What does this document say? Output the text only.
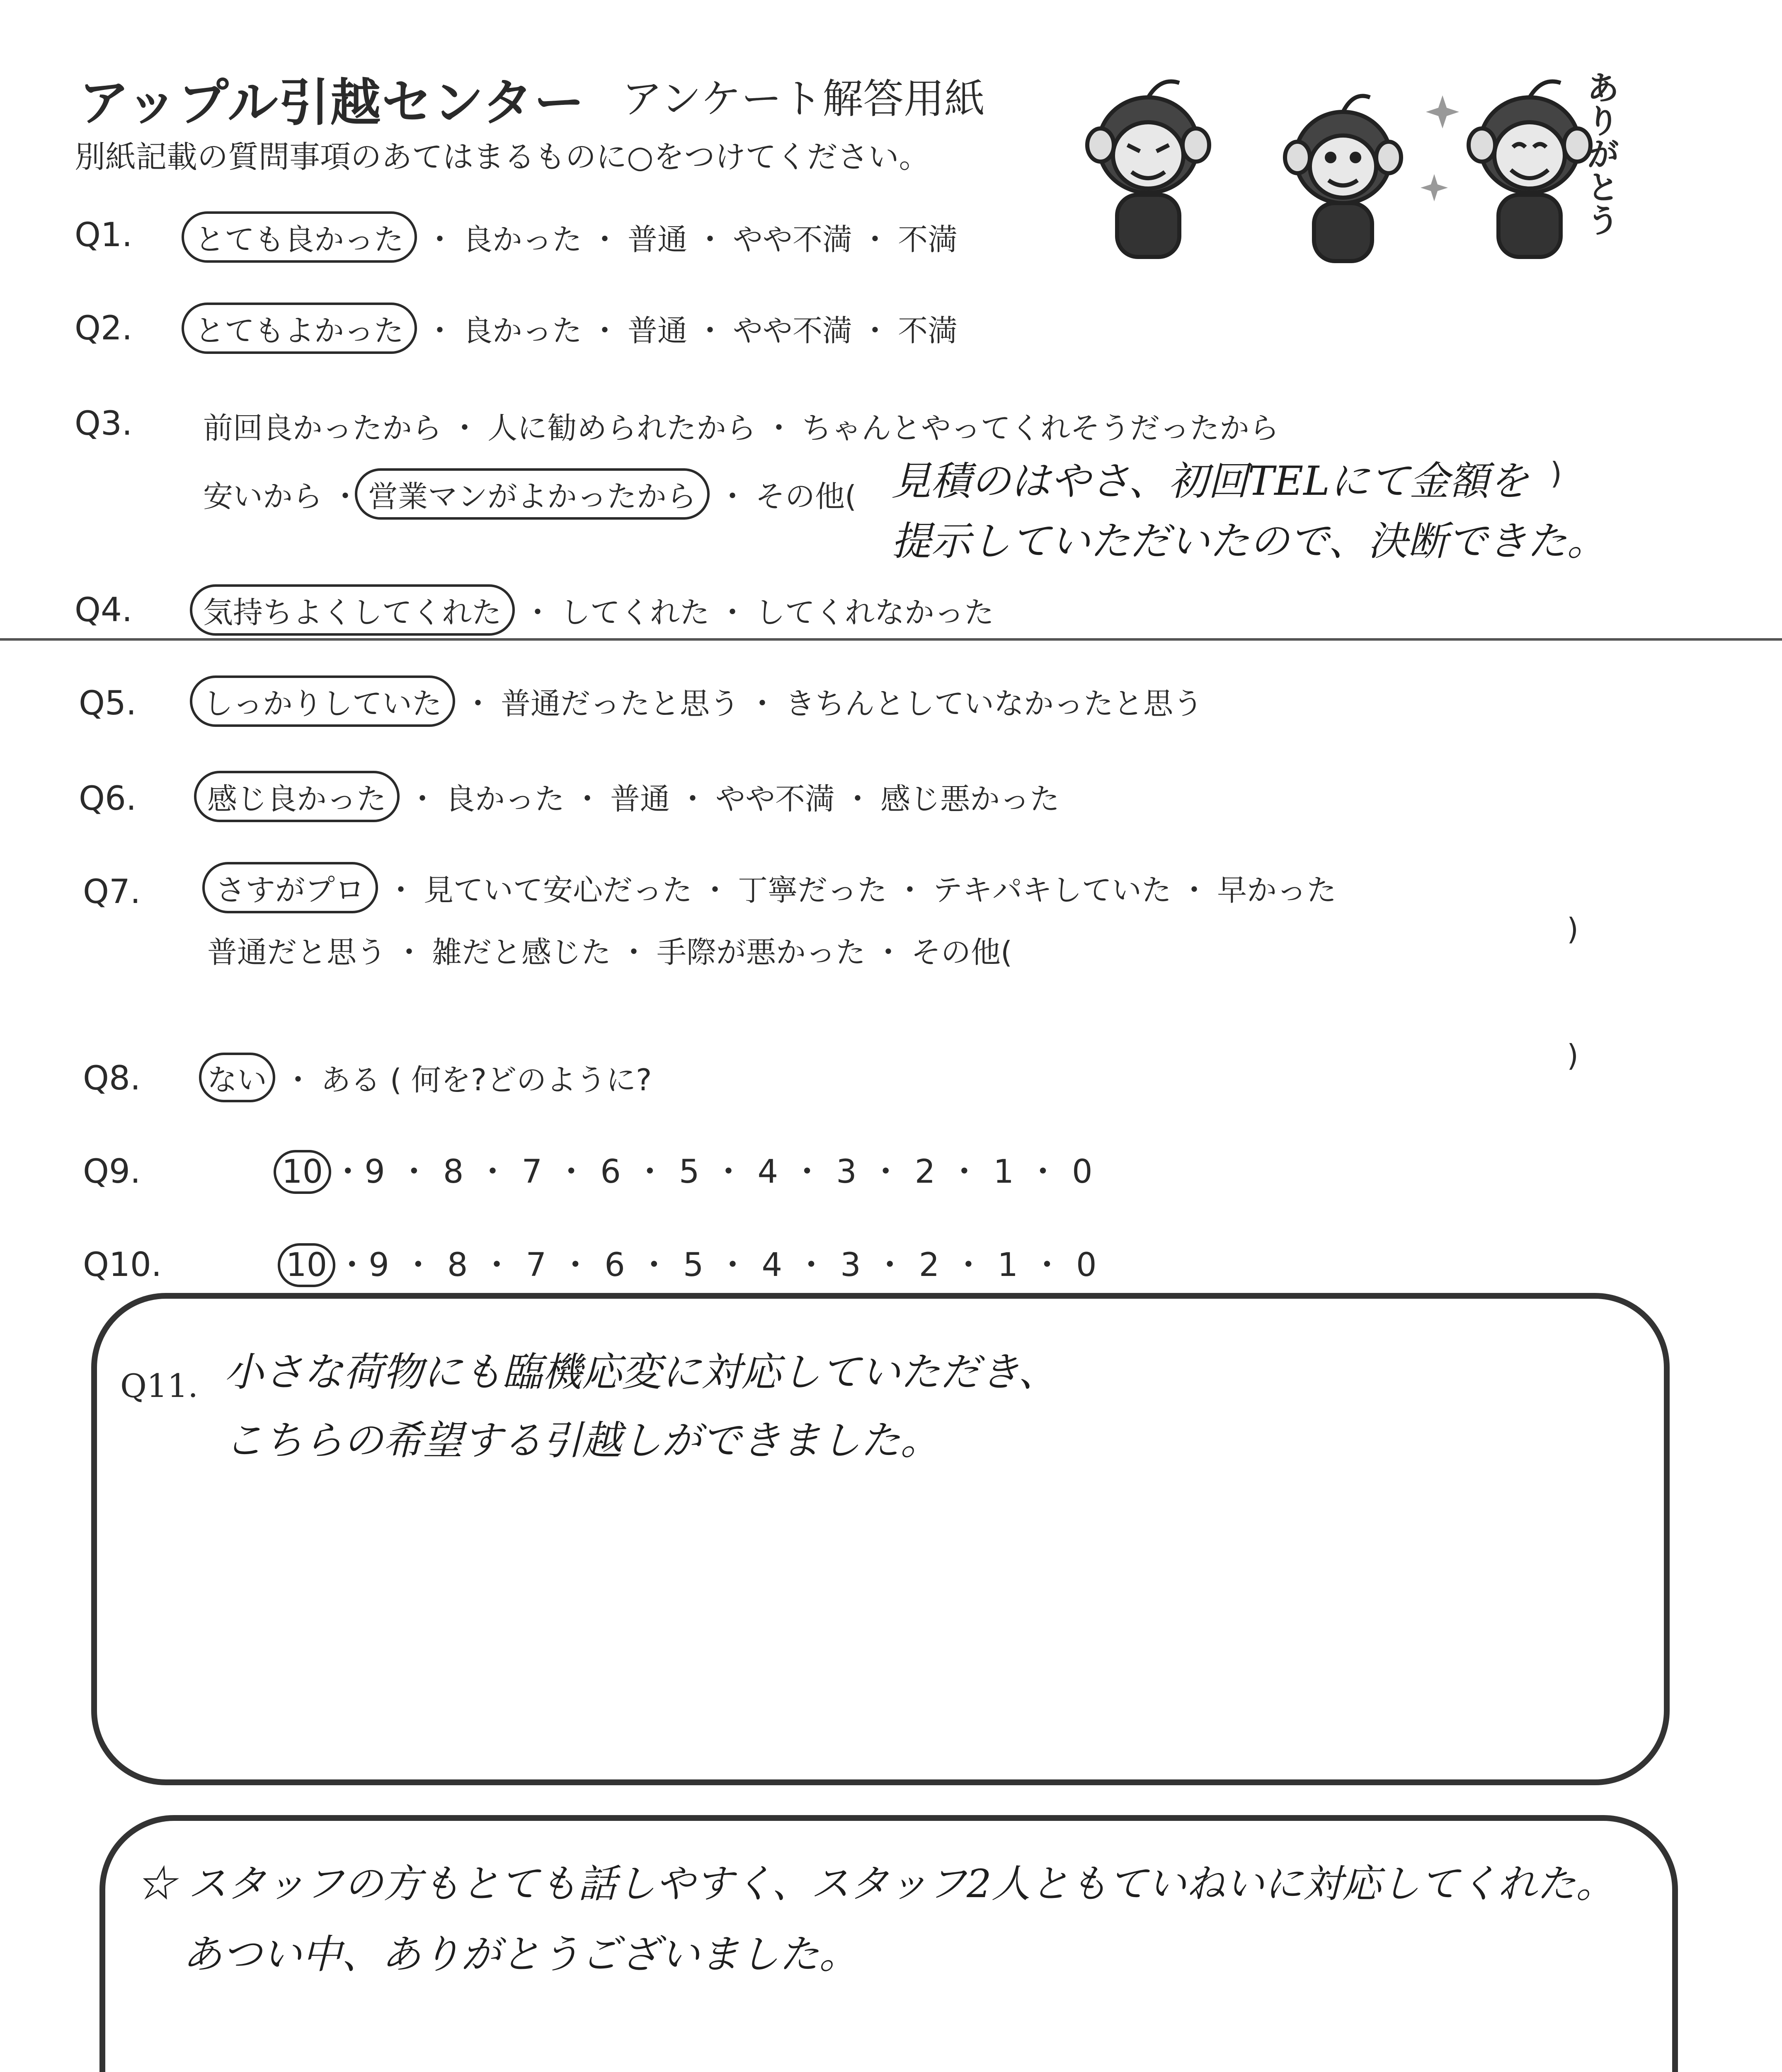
アップル引越センター アンケート解答用紙
別紙記載の質問事項のあてはまるものに○をつけてください。	ありがとう
Q1. とても良かった ・ 良かった ・ 普通 ・ やや不満 ・ 不満
Q2. とてもよかった ・ 良かった ・ 普通 ・ やや不満 ・ 不満
Q3. 前回良かったから ・ 人に勧められたから ・ ちゃんとやってくれそうだったから
安いから ・ 営業マンがよかったから ・ その他( 見積のはやさ、初回TELにて金額を )
提示していただいたので、決断できた。
Q4. 気持ちよくしてくれた ・ してくれた ・ してくれなかった
Q5. しっかりしていた ・ 普通だったと思う ・ きちんとしていなかったと思う
Q6. 感じ良かった ・ 良かった ・ 普通 ・ やや不満 ・ 感じ悪かった
Q7.	さすがプロ ・ 見ていて安心だった ・ 丁寧だった ・ テキパキしていた ・ 早かった
普通だと思う ・ 雑だと感じた ・ 手際が悪かった ・ その他(
)
Q8. ない ・ ある ( 何を?どのように?
)
Q9.	10 ・9 ・ 8 ・ 7 ・ 6 ・ 5 ・ 4 ・ 3 ・ 2 ・ 1 ・ 0
Q10.	10 ・9 ・ 8 ・ 7 ・ 6 ・ 5 ・ 4 ・ 3 ・ 2 ・ 1 ・ 0
Q11. 小さな荷物にも臨機応変に対応していただき、
こちらの希望する引越しができました。
☆ スタッフの方もとても話しやすく、スタッフ2人ともていねいに対応してくれた。
あつい中、ありがとうございました。
